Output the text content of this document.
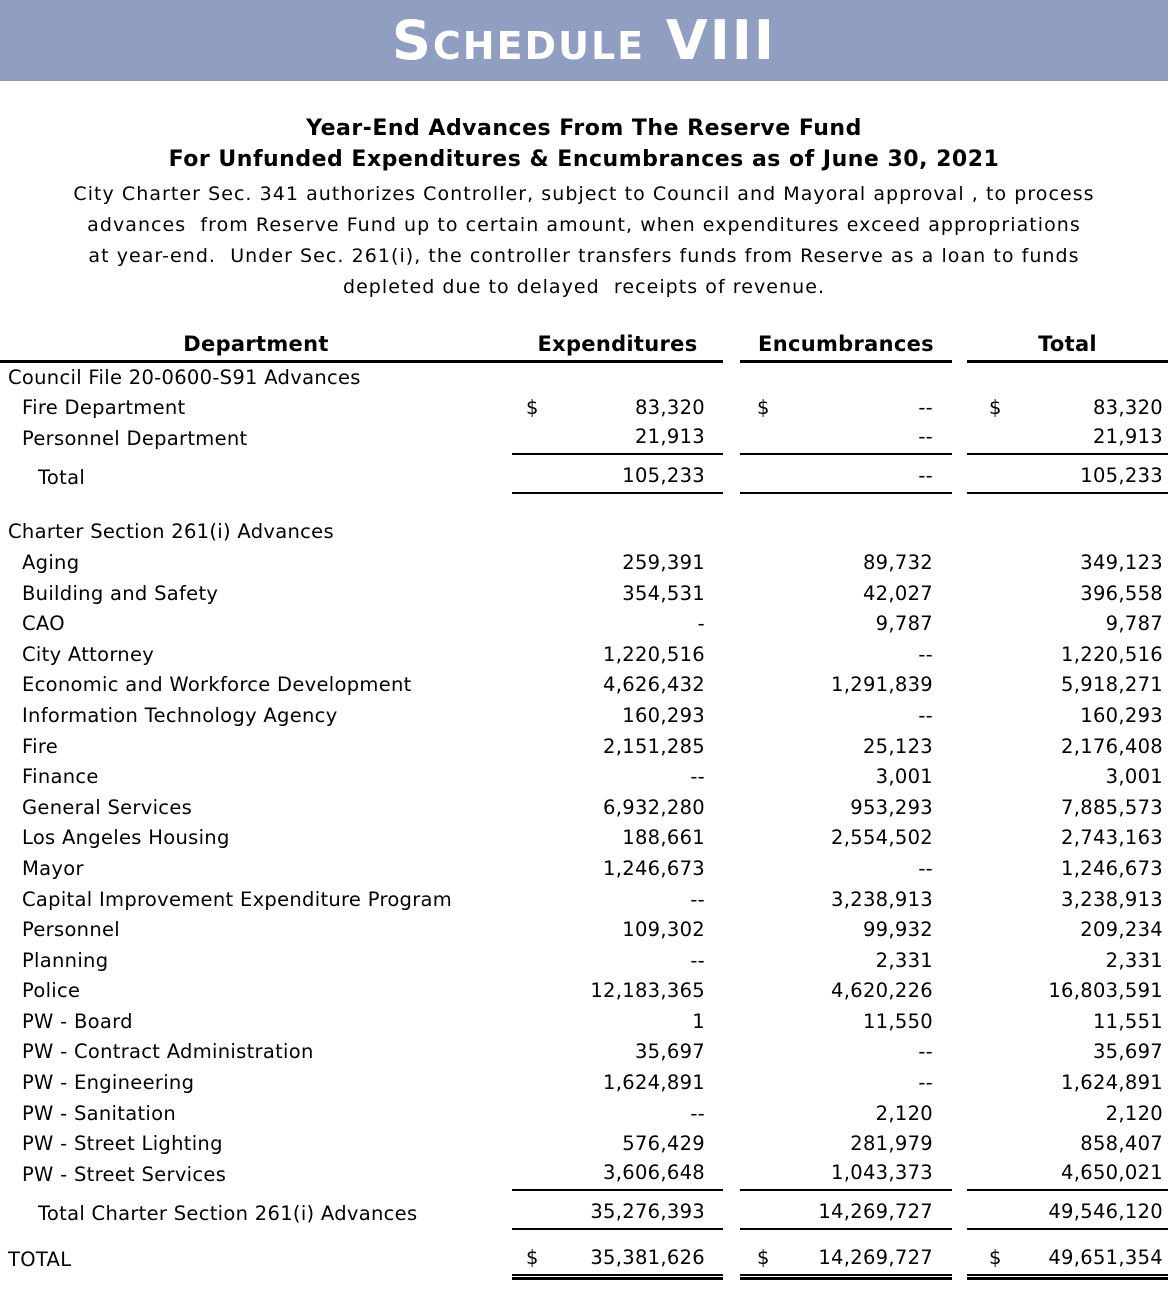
Schedule VIII
Year-End Advances From The Reserve Fund
For Unfunded Expenditures & Encumbrances as of June 30, 2021
City Charter Sec. 341 authorizes Controller, subject to Council and Mayoral approval , to process
advances  from Reserve Fund up to certain amount, when expenditures exceed appropriations
at year-end.  Under Sec. 261(i), the controller transfers funds from Reserve as a loan to funds
depleted due to delayed  receipts of revenue.
Department	Expenditures	Encumbrances	Total
Council File 20-0600-S91 Advances
Fire Department	$	83,320	$	--	$	83,320
Personnel Department	21,913	--	21,913
Total	105,233	--	105,233
Charter Section 261(i) Advances
Aging	259,391	89,732	349,123
Building and Safety	354,531	42,027	396,558
CAO	-	9,787	9,787
City Attorney	1,220,516	--	1,220,516
Economic and Workforce Development	4,626,432	1,291,839	5,918,271
Information Technology Agency	160,293	--	160,293
Fire	2,151,285	25,123	2,176,408
Finance	--	3,001	3,001
General Services	6,932,280	953,293	7,885,573
Los Angeles Housing	188,661	2,554,502	2,743,163
Mayor	1,246,673	--	1,246,673
Capital Improvement Expenditure Program	--	3,238,913	3,238,913
Personnel	109,302	99,932	209,234
Planning	--	2,331	2,331
Police	12,183,365	4,620,226	16,803,591
PW - Board	1	11,550	11,551
PW - Contract Administration	35,697	--	35,697
PW - Engineering	1,624,891	--	1,624,891
PW - Sanitation	--	2,120	2,120
PW - Street Lighting	576,429	281,979	858,407
PW - Street Services	3,606,648	1,043,373	4,650,021
Total Charter Section 261(i) Advances	35,276,393	14,269,727	49,546,120
TOTAL	$	35,381,626	$ 14,269,727	$ 49,651,354
